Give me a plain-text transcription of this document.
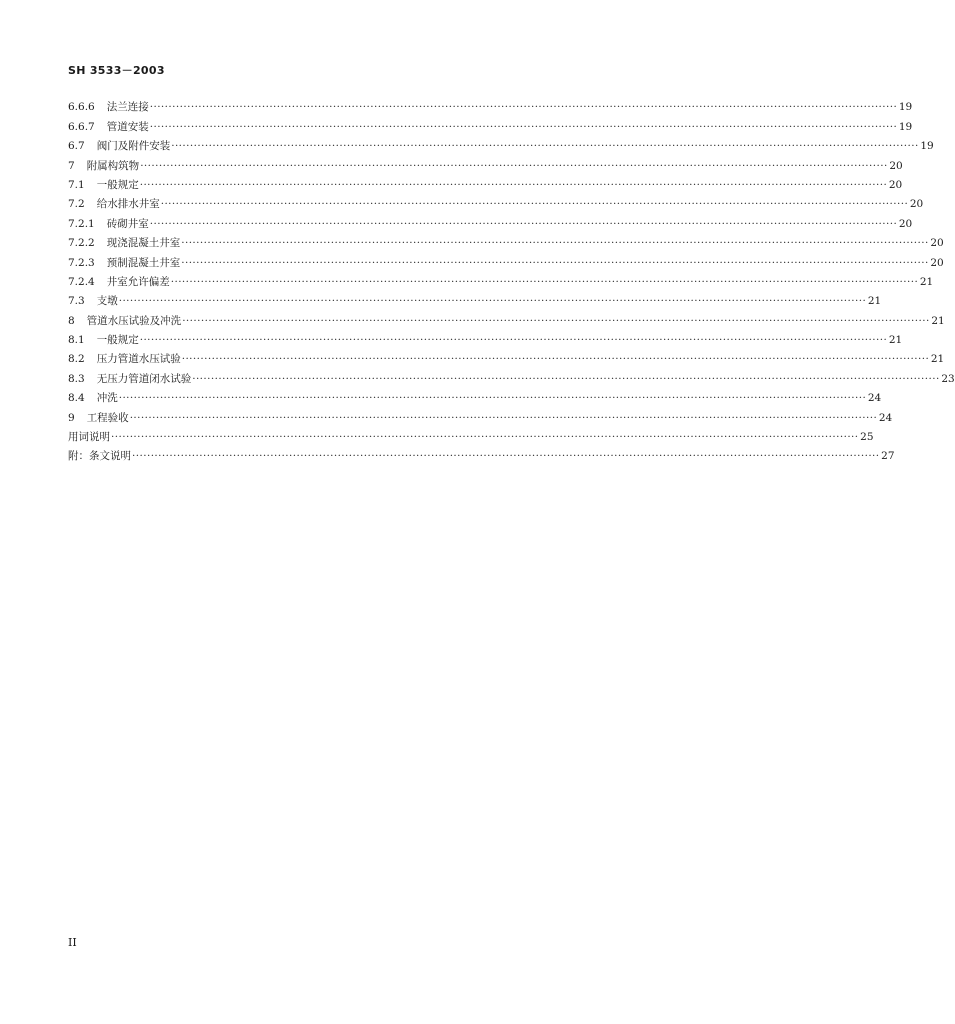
SH 3533－2003
6.6.6 法兰连接 ········································································································································································································ 19
6.6.7 管道安装 ········································································································································································································ 19
6.7 阀门及附件安装 ········································································································································································································ 19
7 附属构筑物 ········································································································································································································ 20
7.1 一般规定 ········································································································································································································ 20
7.2 给水排水井室 ········································································································································································································ 20
7.2.1 砖砌井室 ········································································································································································································ 20
7.2.2 现浇混凝土井室 ········································································································································································································ 20
7.2.3 预制混凝土井室 ········································································································································································································ 20
7.2.4 井室允许偏差 ········································································································································································································ 21
7.3 支墩 ········································································································································································································ 21
8 管道水压试验及冲洗 ········································································································································································································ 21
8.1 一般规定 ········································································································································································································ 21
8.2 压力管道水压试验 ········································································································································································································ 21
8.3 无压力管道闭水试验 ········································································································································································································ 23
8.4 冲洗 ········································································································································································································ 24
9 工程验收 ········································································································································································································ 24
用词说明 ········································································································································································································ 25
附：条文说明 ········································································································································································································ 27
II
